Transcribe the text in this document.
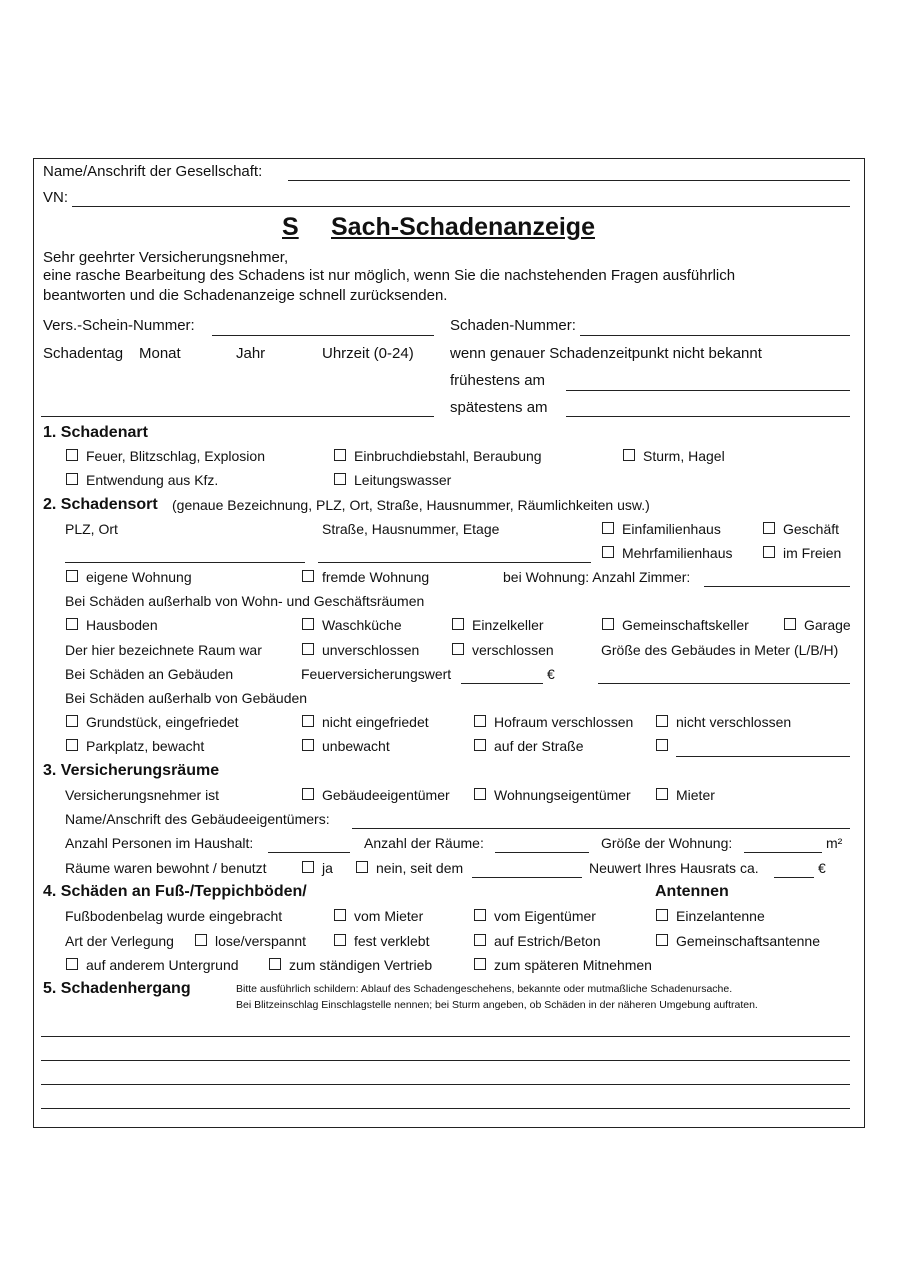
Name/Anschrift der Gesellschaft:
VN:
S Sach-Schadenanzeige
Sehr geehrter Versicherungsnehmer,
eine rasche Bearbeitung des Schadens ist nur möglich, wenn Sie die nachstehenden Fragen ausführlich
beantworten und die Schadenanzeige schnell zurücksenden.
Vers.-Schein-Nummer:	Schaden-Nummer:
Schadentag Monat	Jahr	Uhrzeit (0-24) wenn genauer Schadenzeitpunkt nicht bekannt
frühestens am
spätestens am
1. Schadenart
Feuer, Blitzschlag, Explosion	Einbruchdiebstahl, Beraubung	Sturm, Hagel
Entwendung aus Kfz.	Leitungswasser
2. Schadensort (genaue Bezeichnung, PLZ, Ort, Straße, Hausnummer, Räumlichkeiten usw.)
PLZ, Ort	Straße, Hausnummer, Etage	Einfamilienhaus	Geschäft
Mehrfamilienhaus	im Freien
eigene Wohnung	fremde Wohnung	bei Wohnung: Anzahl Zimmer:
Bei Schäden außerhalb von Wohn- und Geschäftsräumen
Hausboden	Waschküche	Einzelkeller	Gemeinschaftskeller	Garage
Der hier bezeichnete Raum war	unverschlossen	verschlossen	Größe des Gebäudes in Meter (L/B/H)
Bei Schäden an Gebäuden	Feuerversicherungswert	€
Bei Schäden außerhalb von Gebäuden
Grundstück, eingefriedet	nicht eingefriedet	Hofraum verschlossen	nicht verschlossen
Parkplatz, bewacht	unbewacht	auf der Straße
3. Versicherungsräume
Versicherungsnehmer ist	Gebäudeeigentümer	Wohnungseigentümer	Mieter
Name/Anschrift des Gebäudeeigentümers:
Anzahl Personen im Haushalt:	Anzahl der Räume:	Größe der Wohnung:	m²
Räume waren bewohnt / benutzt	ja	nein, seit dem	Neuwert Ihres Hausrats ca.	€
4. Schäden an Fuß-/Teppichböden/	Antennen
Fußbodenbelag wurde eingebracht	vom Mieter	vom Eigentümer	Einzelantenne
Art der Verlegung	lose/verspannt	fest verklebt	auf Estrich/Beton	Gemeinschaftsantenne
auf anderem Untergrund	zum ständigen Vertrieb	zum späteren Mitnehmen
5. Schadenhergang	Bitte ausführlich schildern: Ablauf des Schadengeschehens, bekannte oder mutmaßliche Schadenursache.
Bei Blitzeinschlag Einschlagstelle nennen; bei Sturm angeben, ob Schäden in der näheren Umgebung auftraten.
